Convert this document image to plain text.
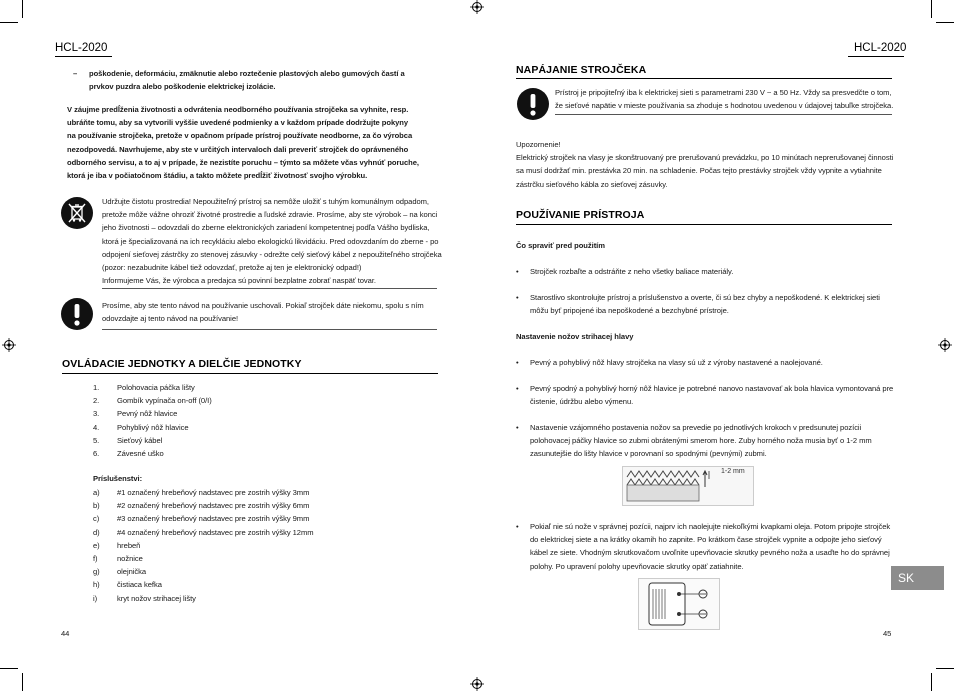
HCL-2020
– poškodenie, deformáciu, zmäknutie alebo roztečenie plastových alebo gumových častí a
prvkov puzdra alebo poškodenie elektrickej izolácie.
V záujme predĺženia životnosti a odvrátenia neodborného používania strojčeka sa vyhnite, resp.
ubráňte tomu, aby sa vytvorili vyššie uvedené podmienky a v každom prípade dodržujte pokyny
na používanie strojčeka, pretože v opačnom prípade prístroj používate neodborne, za čo výrobca
nezodpovedá. Navrhujeme, aby ste v určitých intervaloch dali preveriť strojček do oprávneného
odborného servisu, a to aj v prípade, že nezistíte poruchu – týmto sa môžete včas vyhnúť poruche,
ktorá je iba v počiatočnom štádiu, a takto môžete predĺžiť životnosť svojho výrobku.
Udržujte čistotu prostredia! Nepoužiteľný prístroj sa nemôže uložiť s tuhým komunálnym odpadom,
pretože môže vážne ohroziť životné prostredie a ľudské zdravie. Prosíme, aby ste výrobok – na konci
jeho životnosti – odovzdali do zberne elektronických zariadení kompetentnej podľa Vášho bydliska,
ktorá je špecializovaná na ich recykláciu alebo ekologickú likvidáciu. Pred odovzdaním do zberne - po
odpojení sieťovej zástrčky zo stenovej zásuvky - odrežte celý sieťový kábel z nepoužiteľného strojčeka
(pozor: nezabudnite kábel tiež odovzdať, pretože aj ten je elektronický odpad!)
Informujeme Vás, že výrobca a predajca sú povinní bezplatne zobrať naspäť tovar.
Prosíme, aby ste tento návod na používanie uschovali. Pokiaľ strojček dáte niekomu, spolu s ním
odovzdajte aj tento návod na používanie!
OVLÁDACIE JEDNOTKY A DIELČIE JEDNOTKY
1.	Polohovacia páčka lišty
2.	Gombík vypínača on-off (0/I)
3.	Pevný nôž hlavice
4.	Pohyblivý nôž hlavice
5.	Sieťový kábel
6.	Závesné uško
Príslušenstvi:
a)	#1 označený hrebeňový nadstavec pre zostrih výšky 3mm
b)	#2 označený hrebeňový nadstavec pre zostrih výšky 6mm
c)	#3 označený hrebeňový nadstavec pre zostrih výšky 9mm
d)	#4 označený hrebeňový nadstavec pre zostrih výšky 12mm
e)	hrebeň
f)	nožnice
g)	olejnička
h)	čistiaca kefka
i)	kryt nožov strihacej lišty
44
HCL-2020
NAPÁJANIE STROJČEKA
Prístroj je pripojiteľný iba k elektrickej sieti s parametrami 230 V ~ a 50 Hz. Vždy sa presvedčte o tom,
že sieťové napätie v mieste používania sa zhoduje s hodnotou uvedenou v údajovej tabuľke strojčeka.
Upozornenie!
Elektrický strojček na vlasy je skonštruovaný pre prerušovanú prevádzku, po 10 minútach neprerušovanej činnosti
sa musí dodržať min. prestávka 20 min. na schladenie. Počas tejto prestávky strojček vždy vypnite a vytiahnite
zástrčku sieťového kábla zo sieťovej zásuvky.
POUŽÍVANIE PRÍSTROJA
Čo spraviť pred použitím
•	Strojček rozbaľte a odstráňte z neho všetky baliace materiály.
•	Starostlivo skontrolujte prístroj a príslušenstvo a overte, či sú bez chyby a nepoškodené. K elektrickej sieti
môžu byť pripojené iba nepoškodené a bezchybné prístroje.
Nastavenie nožov strihacej hlavy
•	Pevný a pohyblivý nôž hlavy strojčeka na vlasy sú už z výroby nastavené a naolejované.
•	Pevný spodný a pohyblivý horný nôž hlavice je potrebné nanovo nastavovať ak bola hlavica vymontovaná pre
čistenie, údržbu alebo výmenu.
•	Nastavenie vzájomného postavenia nožov sa prevedie po jednotlivých krokoch v predsunutej pozícii
polohovacej páčky hlavice so zubmi obrátenými smerom hore. Zuby horného noža musia byť o 1-2 mm
zasunutejšie do lišty hlavice v porovnaní so spodnými (pevnými) zubmi.
1-2 mm
•	Pokiaľ nie sú nože v správnej pozícii, najprv ich naolejujte niekoľkými kvapkami oleja. Potom pripojte strojček
do elektrickej siete a na krátky okamih ho zapnite. Po krátkom čase strojček vypnite a odpojte jeho sieťový
kábel ze siete. Vhodným skrutkovačom uvoľnite upevňovacie skrutky pevného noža a usaďte ho do správnej
polohy. Po upravení polohy upevňovacie skrutky opäť zatiahnite.
SK
45
